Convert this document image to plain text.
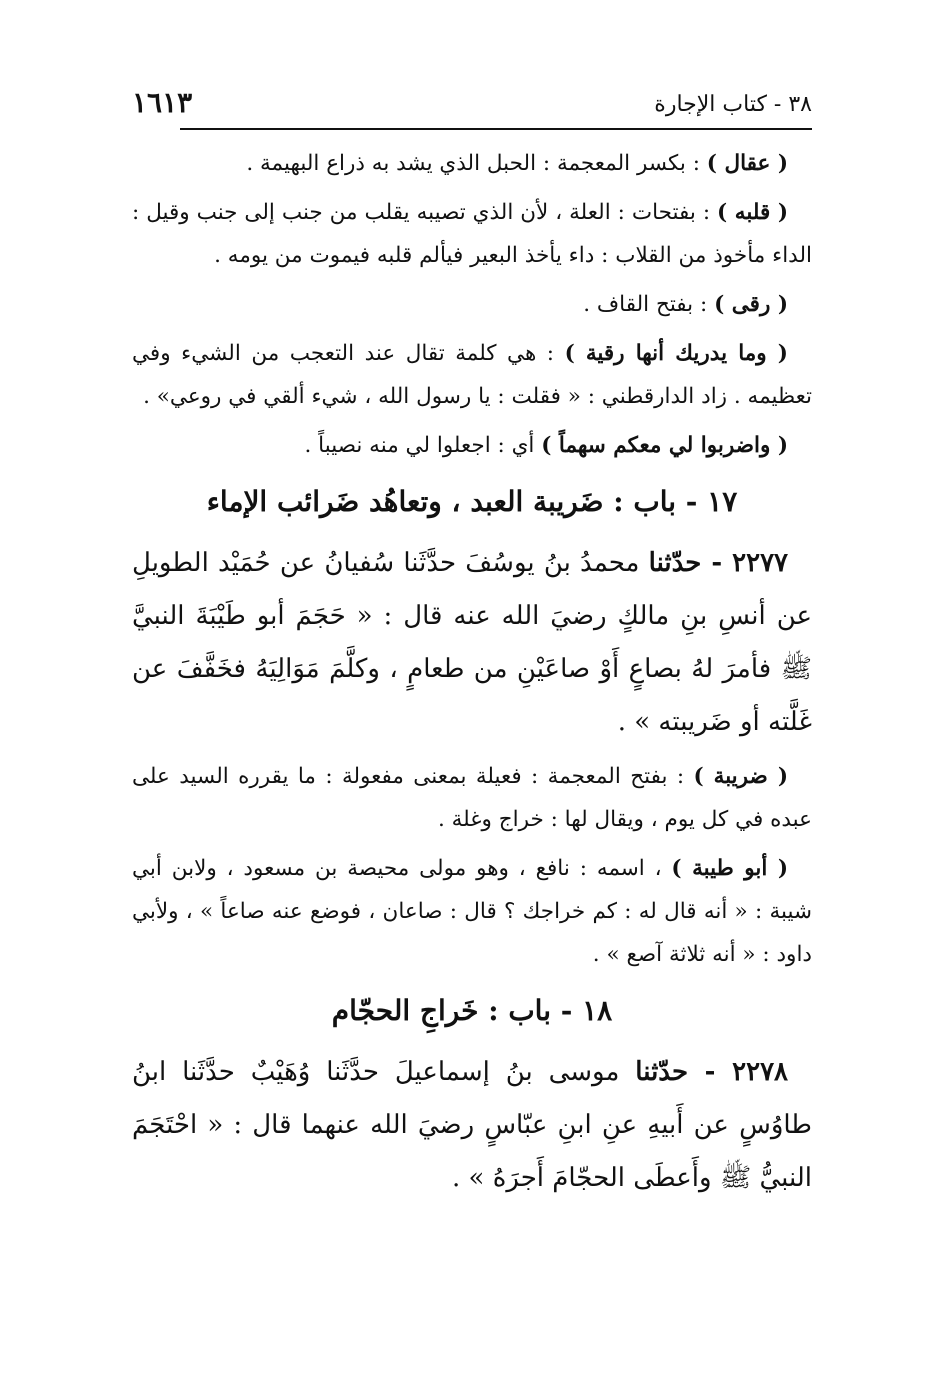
٣٨ - كتاب الإجارة
١٦١٣

( عقال ) : بكسر المعجمة : الحبل الذي يشد به ذراع البهيمة .

( قلبه ) : بفتحات : العلة ، لأن الذي تصيبه يقلب من جنب إلى جنب وقيل : الداء مأخوذ من القلاب : داء يأخذ البعير فيألم قلبه فيموت من يومه .

( رقى ) : بفتح القاف .

( وما يدريك أنها رقية ) : هي كلمة تقال عند التعجب من الشيء وفي تعظيمه . زاد الدارقطني : « فقلت : يا رسول الله ، شيء ألقي في روعي» .

( واضربوا لي معكم سهماً ) أي : اجعلوا لي منه نصيباً .

١٧ - باب : ضَريبة العبد ، وتعاهُد ضَرائب الإماء

٢٢٧٧ - حدّثنا محمدُ بنُ يوسُفَ حدَّثَنا سُفيانُ عن حُمَيْد الطويلِ عن أنسِ بنِ مالكٍ رضيَ الله عنه قال : « حَجَمَ أبو طَيْبَةَ النبيَّ ﷺ فأمرَ لهُ بصاعٍ أَوْ صاعَيْنِ من طعامٍ ، وكلَّمَ مَوَالِيَهُ فخَفَّفَ عن غَلَّته أو ضَريبته » .

( ضريبة ) : بفتح المعجمة : فعيلة بمعنى مفعولة : ما يقرره السيد على عبده في كل يوم ، ويقال لها : خراج وغلة .

( أبو طيبة ) ، اسمه : نافع ، وهو مولى محيصة بن مسعود ، ولابن أبي شيبة : « أنه قال له : كم خراجك ؟ قال : صاعان ، فوضع عنه صاعاً » ، ولأبي داود : « أنه ثلاثة آصع » .

١٨ - باب : خَراجِ الحجّام

٢٢٧٨ - حدّثنا موسى بنُ إسماعيلَ حدَّثَنا وُهَيْبٌ حدَّثَنا ابنُ طاوُسٍ عن أَبيهِ عنِ ابنِ عبّاسٍ رضيَ الله عنهما قال : « احْتَجَمَ النبيُّ ﷺ وأَعطَى الحجّامَ أَجرَهُ » .
